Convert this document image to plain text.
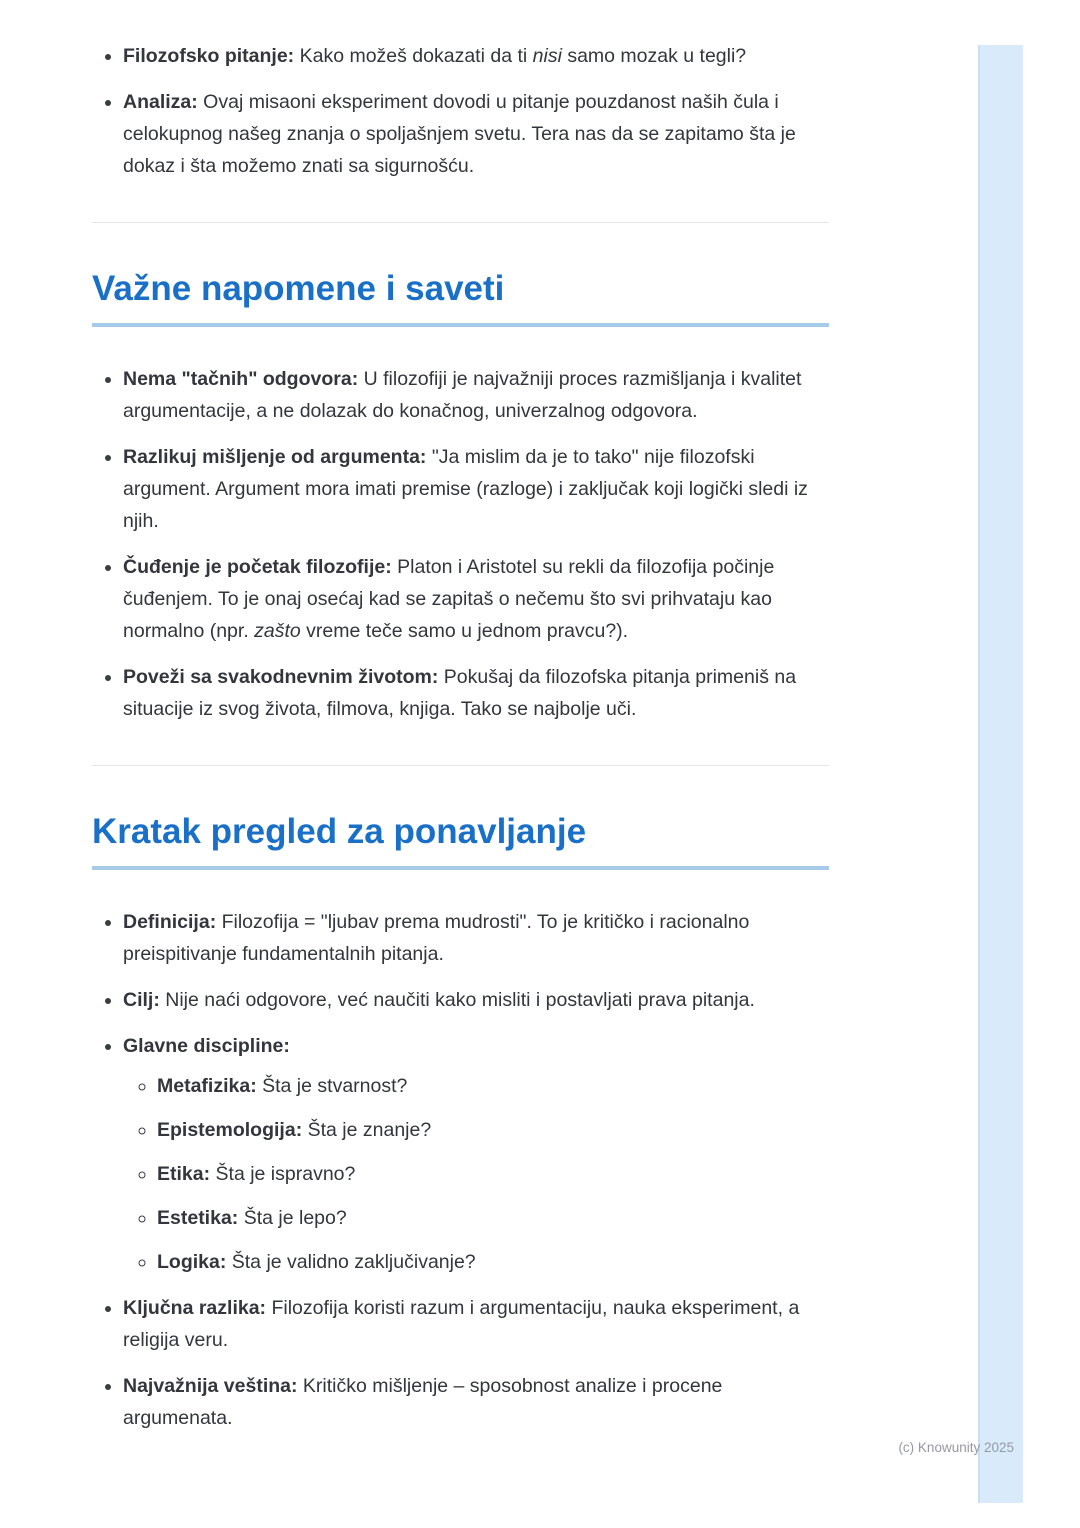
• Filozofsko pitanje: Kako možeš dokazati da ti nisi samo mozak u tegli?
• Analiza: Ovaj misaoni eksperiment dovodi u pitanje pouzdanost naših čula i celokupnog našeg znanja o spoljašnjem svetu. Tera nas da se zapitamo šta je dokaz i šta možemo znati sa sigurnošću.
Važne napomene i saveti
• Nema "tačnih" odgovora: U filozofiji je najvažniji proces razmišljanja i kvalitet argumentacije, a ne dolazak do konačnog, univerzalnog odgovora.
• Razlikuj mišljenje od argumenta: "Ja mislim da je to tako" nije filozofski argument. Argument mora imati premise (razloge) i zaključak koji logički sledi iz njih.
• Čuđenje je početak filozofije: Platon i Aristotel su rekli da filozofija počinje čuđenjem. To je onaj osećaj kad se zapitaš o nečemu što svi prihvataju kao normalno (npr. zašto vreme teče samo u jednom pravcu?).
• Poveži sa svakodnevnim životom: Pokušaj da filozofska pitanja primeniš na situacije iz svog života, filmova, knjiga. Tako se najbolje uči.
Kratak pregled za ponavljanje
• Definicija: Filozofija = "ljubav prema mudrosti". To je kritičko i racionalno preispitivanje fundamentalnih pitanja.
• Cilj: Nije naći odgovore, već naučiti kako misliti i postavljati prava pitanja.
• Glavne discipline:
◦ Metafizika: Šta je stvarnost?
◦ Epistemologija: Šta je znanje?
◦ Etika: Šta je ispravno?
◦ Estetika: Šta je lepo?
◦ Logika: Šta je validno zaključivanje?
• Ključna razlika: Filozofija koristi razum i argumentaciju, nauka eksperiment, a religija veru.
• Najvažnija veština: Kritičko mišljenje – sposobnost analize i procene argumenata.
(c) Knowunity 2025
